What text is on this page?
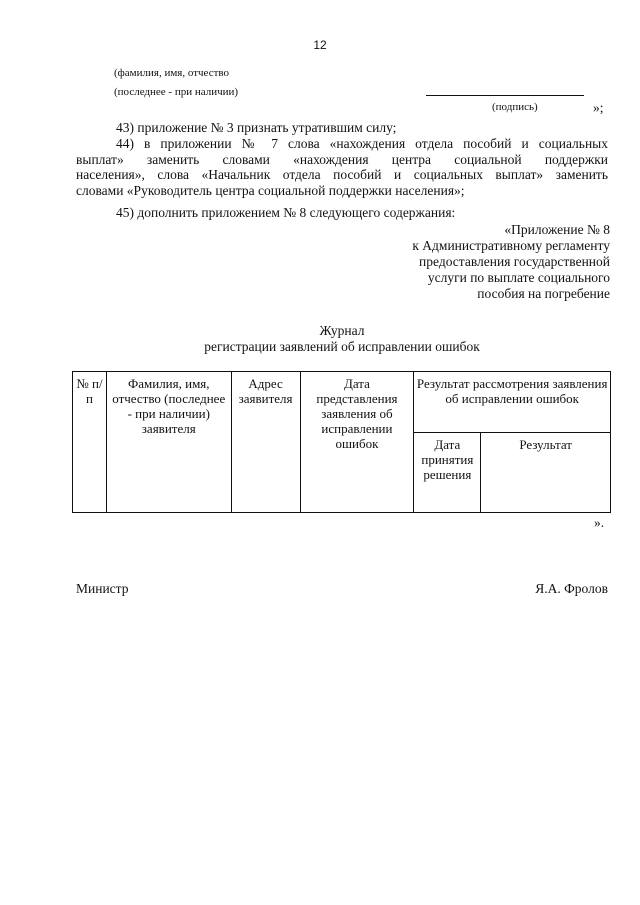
12
(фамилия, имя, отчество
(последнее - при наличии)
(подпись)	»;
43) приложение № 3 признать утратившим силу;
44) в приложении № 7 слова «нахождения отдела пособий и социальных
выплат» заменить словами «нахождения центра социальной поддержки
населения», слова «Начальник отдела пособий и социальных выплат» заменить
словами «Руководитель центра социальной поддержки населения»;
45) дополнить приложением № 8 следующего содержания:
«Приложение № 8
к Административному регламенту
предоставления государственной
услуги по выплате социального
пособия на погребение
Журнал
регистрации заявлений об исправлении ошибок
№ п/п	Фамилия, имя, отчество (последнее - при наличии) заявителя	Адрес заявителя	Дата представления заявления об исправлении ошибок	Результат рассмотрения заявления об исправлении ошибок	
				Дата принятия решения	Результат
».
Министр	Я.А. Фролов
